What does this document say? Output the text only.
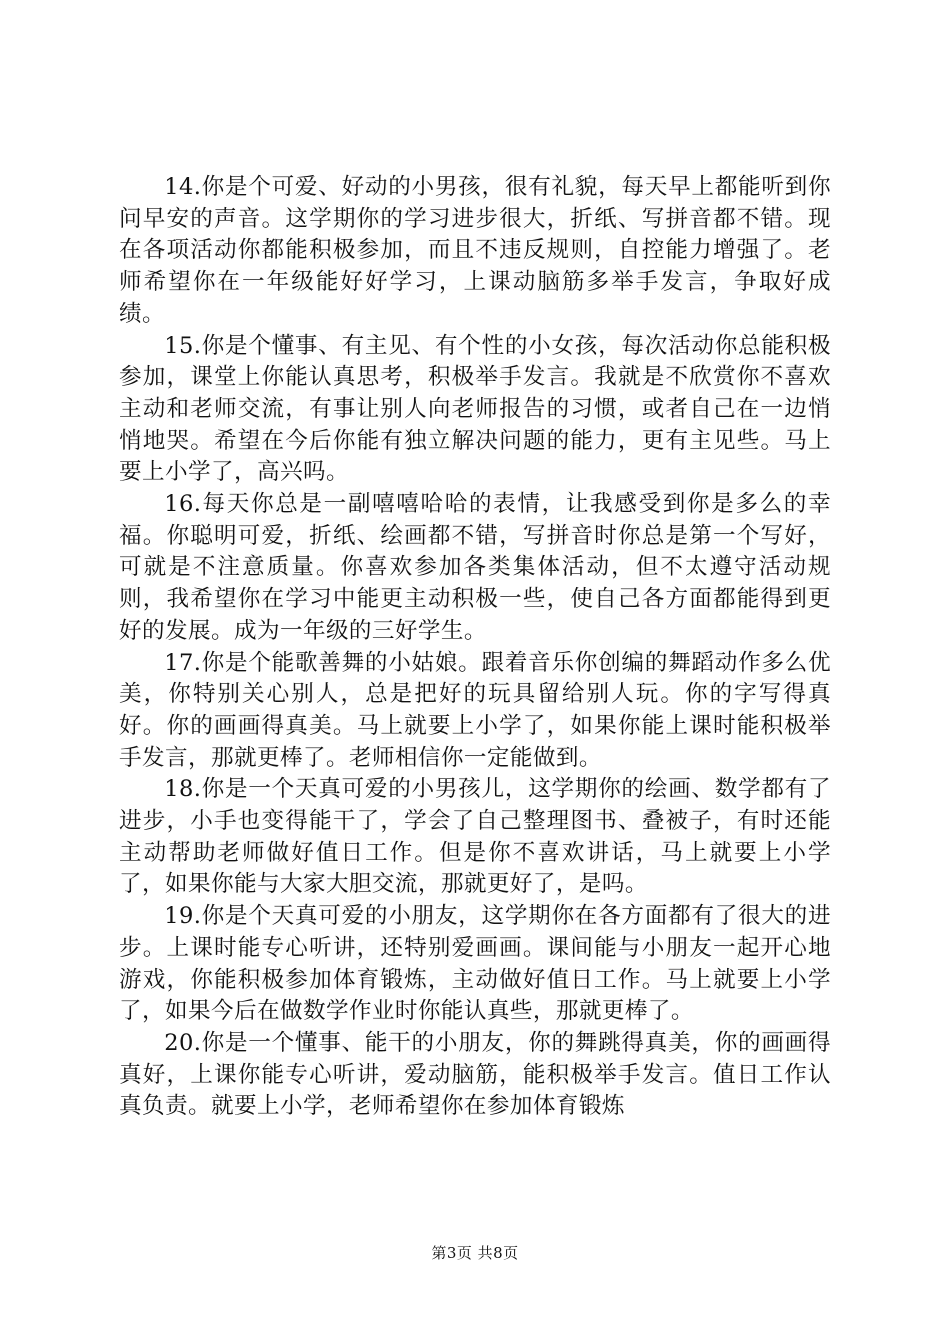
14.你是个可爱、好动的小男孩，很有礼貌，每天早上都能听到你问早安的声音。这学期你的学习进步很大，折纸、写拼音都不错。现在各项活动你都能积极参加，而且不违反规则，自控能力增强了。老师希望你在一年级能好好学习，上课动脑筋多举手发言，争取好成绩。

15.你是个懂事、有主见、有个性的小女孩，每次活动你总能积极参加，课堂上你能认真思考，积极举手发言。我就是不欣赏你不喜欢主动和老师交流，有事让别人向老师报告的习惯，或者自己在一边悄悄地哭。希望在今后你能有独立解决问题的能力，更有主见些。马上要上小学了，高兴吗。

16.每天你总是一副嘻嘻哈哈的表情，让我感受到你是多么的幸福。你聪明可爱，折纸、绘画都不错，写拼音时你总是第一个写好，可就是不注意质量。你喜欢参加各类集体活动，但不太遵守活动规则，我希望你在学习中能更主动积极一些，使自己各方面都能得到更好的发展。成为一年级的三好学生。

17.你是个能歌善舞的小姑娘。跟着音乐你创编的舞蹈动作多么优美，你特别关心别人，总是把好的玩具留给别人玩。你的字写得真好。你的画画得真美。马上就要上小学了，如果你能上课时能积极举手发言，那就更棒了。老师相信你一定能做到。

18.你是一个天真可爱的小男孩儿，这学期你的绘画、数学都有了进步，小手也变得能干了，学会了自己整理图书、叠被子，有时还能主动帮助老师做好值日工作。但是你不喜欢讲话，马上就要上小学了，如果你能与大家大胆交流，那就更好了，是吗。

19.你是个天真可爱的小朋友，这学期你在各方面都有了很大的进步。上课时能专心听讲，还特别爱画画。课间能与小朋友一起开心地游戏，你能积极参加体育锻炼，主动做好值日工作。马上就要上小学了，如果今后在做数学作业时你能认真些，那就更棒了。

20.你是一个懂事、能干的小朋友，你的舞跳得真美，你的画画得真好，上课你能专心听讲，爱动脑筋，能积极举手发言。值日工作认真负责。就要上小学，老师希望你在参加体育锻炼

第3页 共8页
